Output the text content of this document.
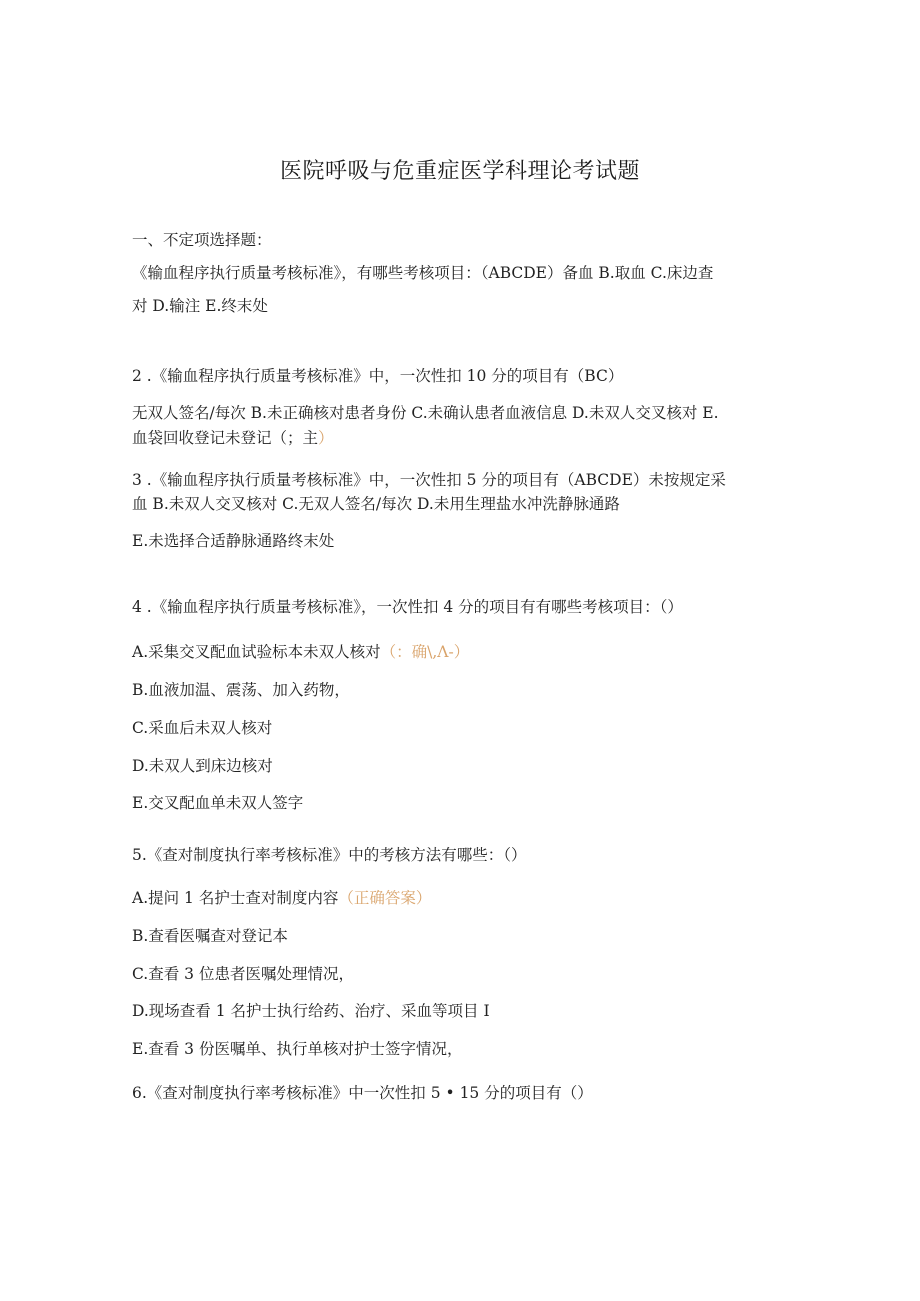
医院呼吸与危重症医学科理论考试题
一、不定项选择题：
《输血程序执行质量考核标准》，有哪些考核项目：（ABCDE）备血 B.取血 C.床边查
对 D.输注 E.终末处
2 .《输血程序执行质量考核标准》中，一次性扣 10 分的项目有（BC）
无双人签名/每次 B.未正确核对患者身份 C.未确认患者血液信息 D.未双人交叉核对 E.
血袋回收登记未登记（；主）
3 .《输血程序执行质量考核标准》中，一次性扣 5 分的项目有（ABCDE）未按规定采
血 B.未双人交叉核对 C.无双人签名/每次 D.未用生理盐水冲洗静脉通路
E.未选择合适静脉通路终末处
4 .《输血程序执行质量考核标准》，一次性扣 4 分的项目有有哪些考核项目：（）
A.采集交叉配血试验标本未双人核对（：确\,Λ-）
B.血液加温、震荡、加入药物，
C.采血后未双人核对
D.未双人到床边核对
E.交叉配血单未双人签字
5.《查对制度执行率考核标准》中的考核方法有哪些：（）
A.提问 1 名护士查对制度内容（正确答案）
B.查看医嘱查对登记本
C.查看 3 位患者医嘱处理情况，
D.现场查看 1 名护士执行给药、治疗、采血等项目 I
E.查看 3 份医嘱单、执行单核对护士签字情况，
6.《查对制度执行率考核标准》中一次性扣 5 • 15 分的项目有（）
